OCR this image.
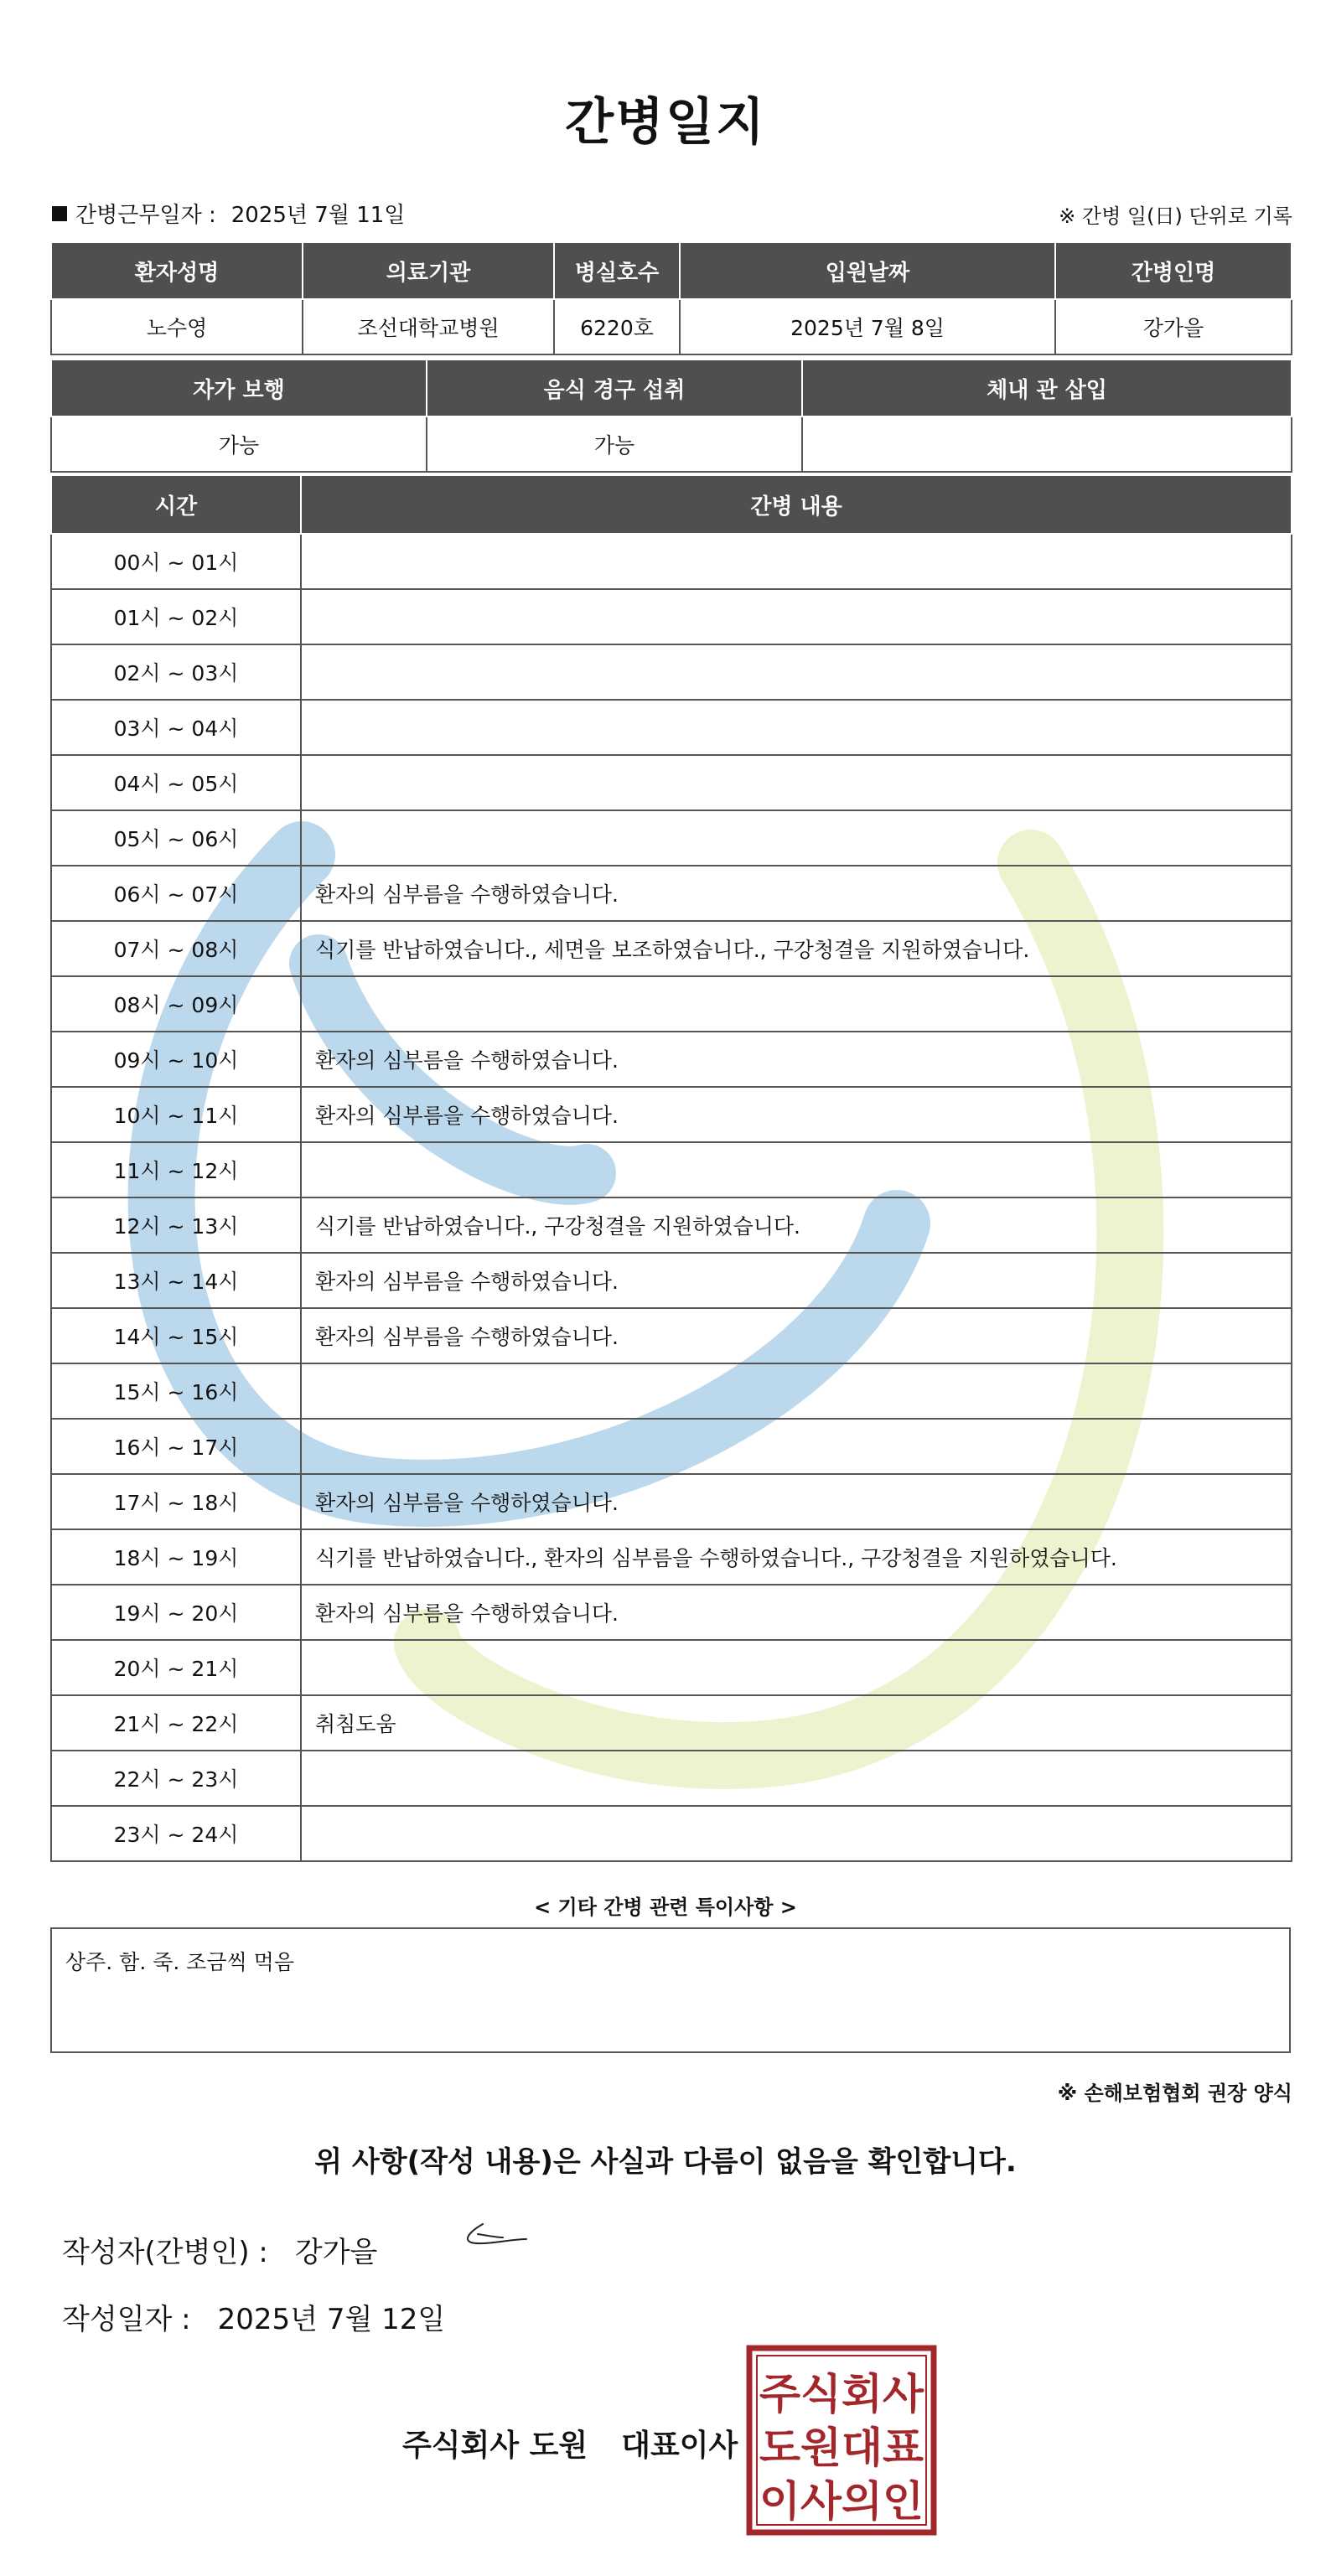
간병일지
간병근무일자 : 2025년 7월 11일	※ 간병 일(日) 단위로 기록
환자성명	의료기관	병실호수	입원날짜	간병인명
노수영	조선대학교병원	6220호	2025년 7월 8일	강가을
자가 보행	음식 경구 섭취	체내 관 삽입
가능	가능	
시간	간병 내용
00시 ~ 01시	
01시 ~ 02시	
02시 ~ 03시	
03시 ~ 04시	
04시 ~ 05시	
05시 ~ 06시	
06시 ~ 07시	환자의 심부름을 수행하였습니다.
07시 ~ 08시	식기를 반납하였습니다., 세면을 보조하였습니다., 구강청결을 지원하였습니다.
08시 ~ 09시	
09시 ~ 10시	환자의 심부름을 수행하였습니다.
10시 ~ 11시	환자의 심부름을 수행하였습니다.
11시 ~ 12시	
12시 ~ 13시	식기를 반납하였습니다., 구강청결을 지원하였습니다.
13시 ~ 14시	환자의 심부름을 수행하였습니다.
14시 ~ 15시	환자의 심부름을 수행하였습니다.
15시 ~ 16시	
16시 ~ 17시	
17시 ~ 18시	환자의 심부름을 수행하였습니다.
18시 ~ 19시	식기를 반납하였습니다., 환자의 심부름을 수행하였습니다., 구강청결을 지원하였습니다.
19시 ~ 20시	환자의 심부름을 수행하였습니다.
20시 ~ 21시	
21시 ~ 22시	취침도움
22시 ~ 23시	
23시 ~ 24시	
< 기타 간병 관련 특이사항 >
상주. 함. 죽. 조금씩 먹음
※ 손해보험협회 권장 양식
위 사항(작성 내용)은 사실과 다름이 없음을 확인합니다.
작성자(간병인) : 강가을
작성일자 : 2025년 7월 12일
주식회사 도원 대표이사
주식회사
도원대표
이사의인
